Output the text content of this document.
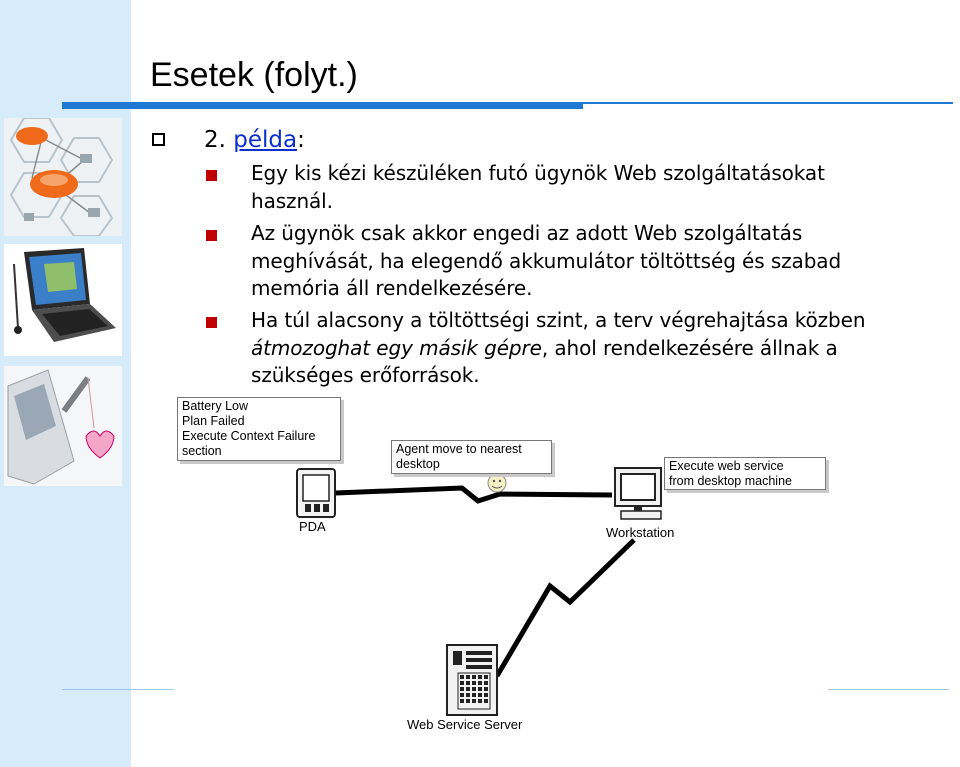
Esetek (folyt.)
2. példa:
Egy kis kézi készüléken futó ügynök Web szolgáltatásokat
használ.
Az ügynök csak akkor engedi az adott Web szolgáltatás
meghívását, ha elegendő akkumulátor töltöttség és szabad
memória áll rendelkezésére.
Ha túl alacsony a töltöttségi szint, a terv végrehajtása közben
átmozoghat egy másik gépre, ahol rendelkezésére állnak a
szükséges erőforrások.
Battery Low
Plan Failed
Execute Context Failure
section	Agent move to nearest
desktop	Execute web service
from desktop machine
PDA	Workstation
Web Service Server
